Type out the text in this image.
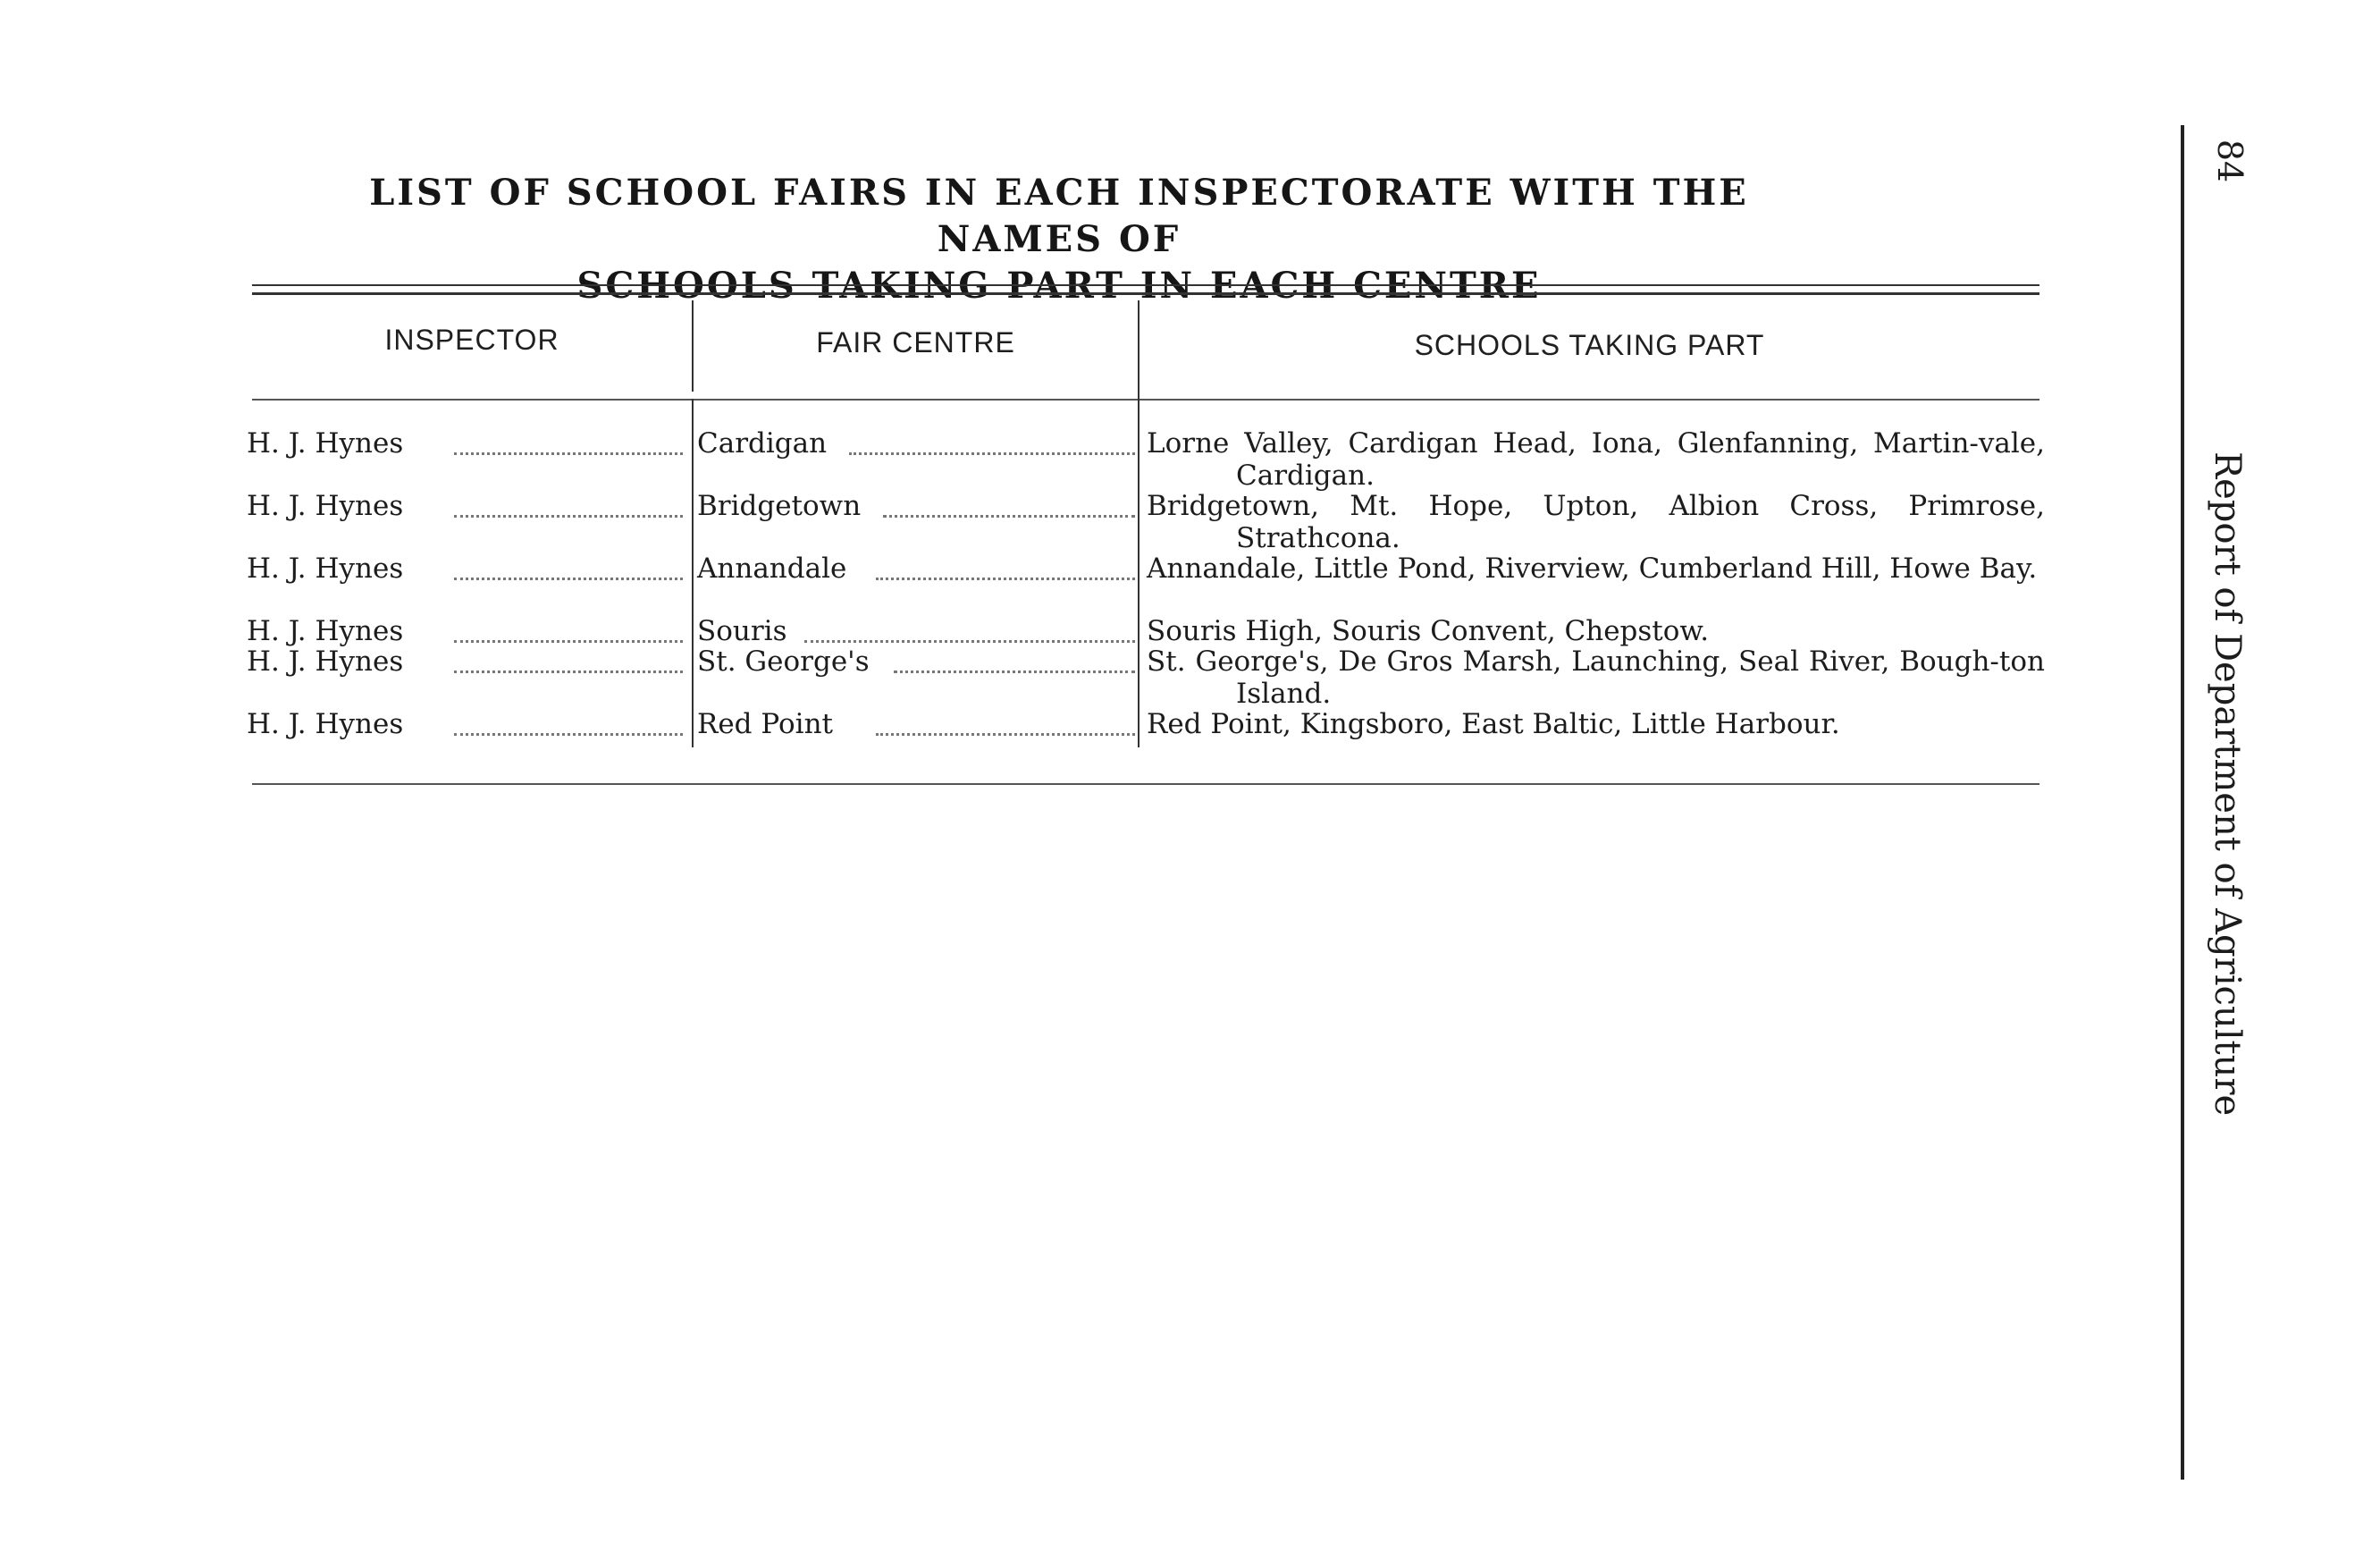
LIST OF SCHOOL FAIRS IN EACH INSPECTORATE WITH THE NAMES OF
SCHOOLS TAKING PART IN EACH CENTRE
INSPECTOR	FAIR CENTRE	SCHOOLS TAKING PART
H. J. Hynes	Cardigan	Lorne Valley, Cardigan Head, Iona, Glenfanning, Martin-vale, Cardigan.
H. J. Hynes	Bridgetown	Bridgetown, Mt. Hope, Upton, Albion Cross, Primrose, Strathcona.
H. J. Hynes	Annandale	Annandale, Little Pond, Riverview, Cumberland Hill, Howe Bay.
H. J. Hynes	Souris	Souris High, Souris Convent, Chepstow.
H. J. Hynes	St. George's	St. George's, De Gros Marsh, Launching, Seal River, Bough-ton Island.
H. J. Hynes	Red Point	Red Point, Kingsboro, East Baltic, Little Harbour.
84
Report of Department of Agriculture
